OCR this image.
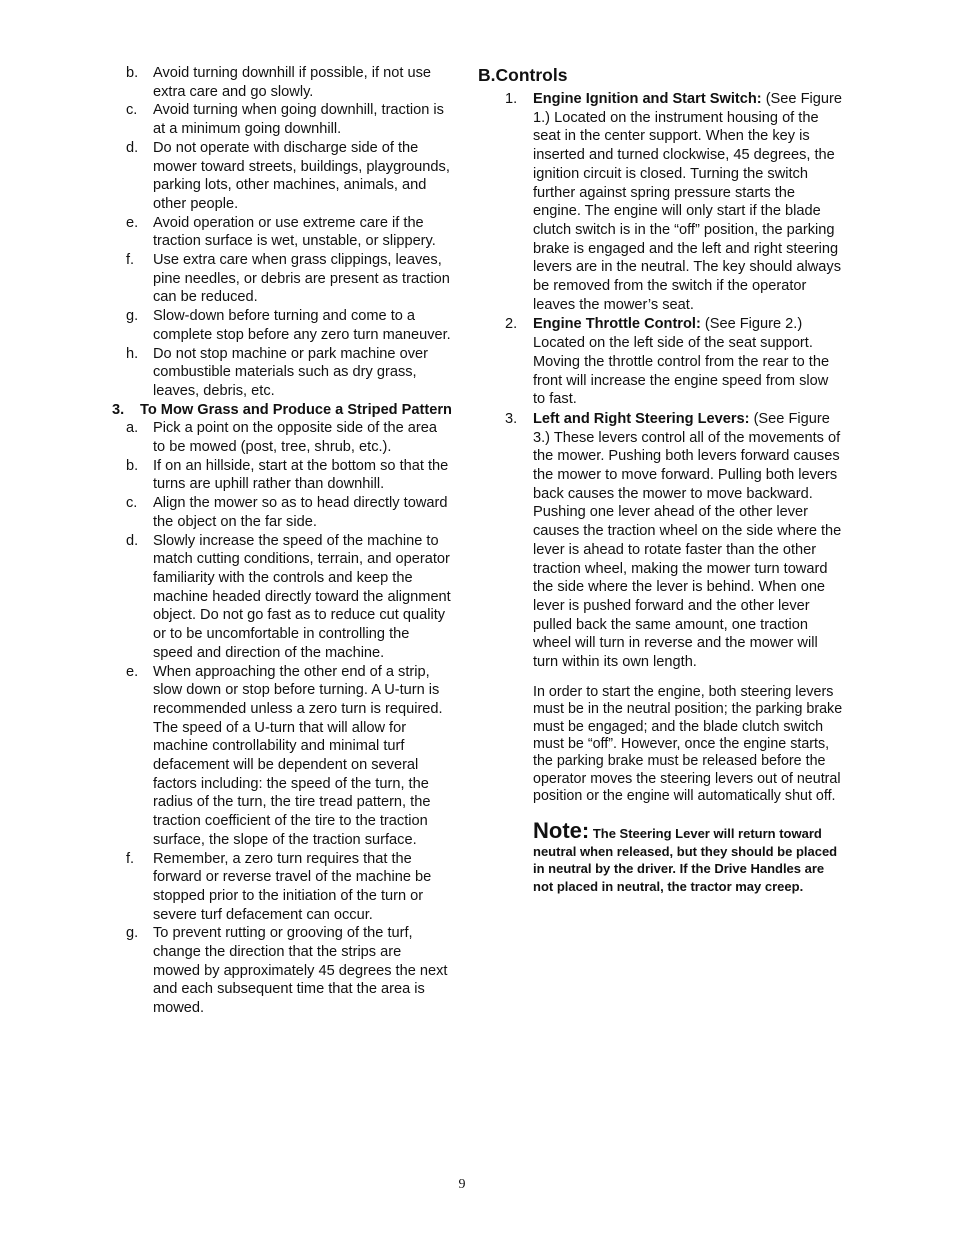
b. Avoid turning downhill if possible, if not use extra care and go slowly.
c. Avoid turning when going downhill, traction is at a minimum going downhill.
d. Do not operate with discharge side of the mower toward streets, buildings, playgrounds, parking lots, other machines, animals, and other people.
e. Avoid operation or use extreme care if the traction surface is wet, unstable, or slippery.
f. Use extra care when grass clippings, leaves, pine needles, or debris are present as traction can be reduced.
g. Slow-down before turning and come to a complete stop before any zero turn maneuver.
h. Do not stop machine or park machine over combustible materials such as dry grass, leaves, debris, etc.
3. To Mow Grass and Produce a Striped Pattern
a. Pick a point on the opposite side of the area to be mowed (post, tree, shrub, etc.).
b. If on an hillside, start at the bottom so that the turns are uphill rather than downhill.
c. Align the mower so as to head directly toward the object on the far side.
d. Slowly increase the speed of the machine to match cutting conditions, terrain, and operator familiarity with the controls and keep the machine headed directly toward the alignment object. Do not go fast as to reduce cut quality or to be uncomfortable in controlling the speed and direction of the machine.
e. When approaching the other end of a strip, slow down or stop before turning. A U-turn is recommended unless a zero turn is required. The speed of a U-turn that will allow for machine controllability and minimal turf defacement will be dependent on several factors including: the speed of the turn, the radius of the turn, the tire tread pattern, the traction coefficient of the tire to the traction surface, the slope of the traction surface.
f. Remember, a zero turn requires that the forward or reverse travel of the machine be stopped prior to the initiation of the turn or severe turf defacement can occur.
g. To prevent rutting or grooving of the turf, change the direction that the strips are mowed by approximately 45 degrees the next and each subsequent time that the area is mowed.
B.Controls
1. Engine Ignition and Start Switch: (See Figure 1.) Located on the instrument housing of the seat in the center support. When the key is inserted and turned clockwise, 45 degrees, the ignition circuit is closed. Turning the switch further against spring pressure starts the engine. The engine will only start if the blade clutch switch is in the “off” position, the parking brake is engaged and the left and right steering levers are in the neutral. The key should always be removed from the switch if the operator leaves the mower’s seat.
2. Engine Throttle Control: (See Figure 2.) Located on the left side of the seat support. Moving the throttle control from the rear to the front will increase the engine speed from slow to fast.
3. Left and Right Steering Levers: (See Figure 3.) These levers control all of the movements of the mower. Pushing both levers forward causes the mower to move forward. Pulling both levers back causes the mower to move backward. Pushing one lever ahead of the other lever causes the traction wheel on the side where the lever is ahead to rotate faster than the other traction wheel, making the mower turn toward the side where the lever is behind. When one lever is pushed forward and the other lever pulled back the same amount, one traction wheel will turn in reverse and the mower will turn within its own length.

In order to start the engine, both steering levers must be in the neutral position; the parking brake must be engaged; and the blade clutch switch must be “off”. However, once the engine starts, the parking brake must be released before the operator moves the steering levers out of neutral position or the engine will automatically shut off.

Note: The Steering Lever will return toward neutral when released, but they should be placed in neutral by the driver. If the Drive Handles are not placed in neutral, the tractor may creep.
9
